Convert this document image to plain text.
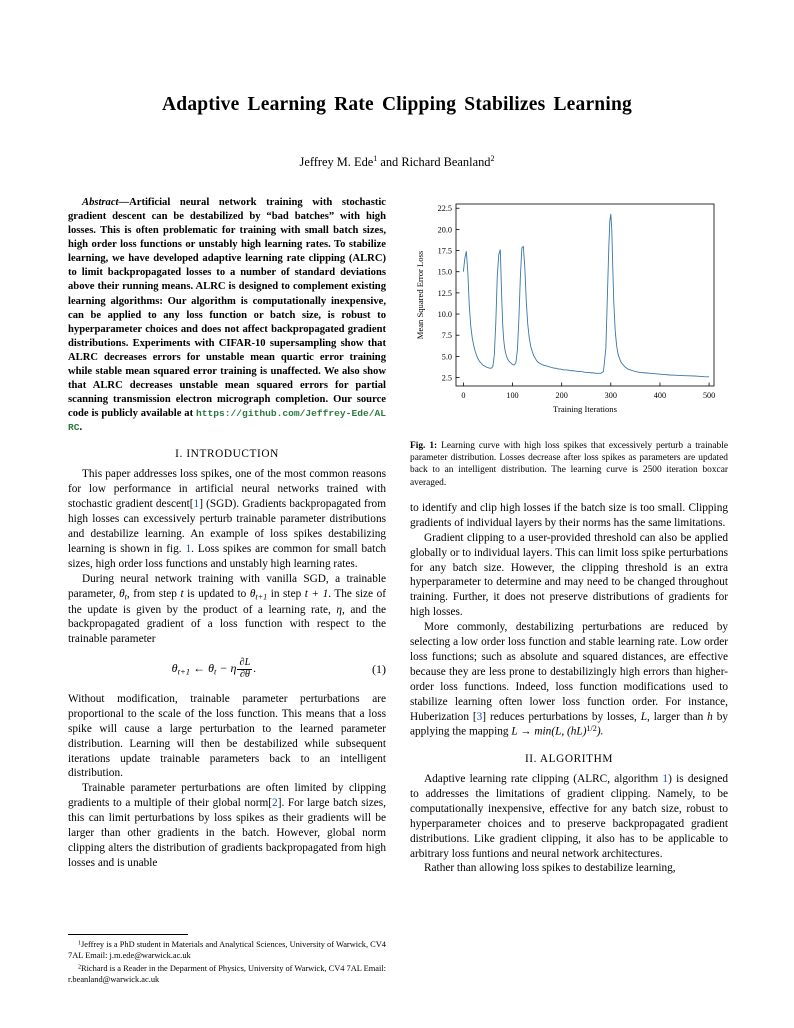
Adaptive Learning Rate Clipping Stabilizes Learning
Jeffrey M. Ede$^1$ and Richard Beanland$^2$

Abstract—Artificial neural network training with stochastic gradient descent can be destabilized by “bad batches” with high losses. This is often problematic for training with small batch sizes, high order loss functions or unstably high learning rates. To stabilize learning, we have developed adaptive learning rate clipping (ALRC) to limit backpropagated losses to a number of standard deviations above their running means. ALRC is designed to complement existing learning algorithms: Our algorithm is computationally inexpensive, can be applied to any loss function or batch size, is robust to hyperparameter choices and does not affect backpropagated gradient distributions. Experiments with CIFAR-10 supersampling show that ALRC decreases errors for unstable mean quartic error training while stable mean squared error training is unaffected. We also show that ALRC decreases unstable mean squared errors for partial scanning transmission electron micrograph completion. Our source code is publicly available at https://github.com/Jeffrey-Ede/ALRC.

I. INTRODUCTION

This paper addresses loss spikes, one of the most common reasons for low performance in artificial neural networks trained with stochastic gradient descent[1] (SGD). Gradients backpropagated from high losses can excessively perturb trainable parameter distributions and destabilize learning. An example of loss spikes destabilizing learning is shown in fig. 1. Loss spikes are common for small batch sizes, high order loss functions and unstably high learning rates.

During neural network training with vanilla SGD, a trainable parameter, $\theta_t$, from step t is updated to $\theta_{t+1}$ in step t + 1. The size of the update is given by the product of a learning rate, η, and the backpropagated gradient of a loss function with respect to the trainable parameter

$\theta_{t+1}$ ← $\theta_t - \eta \frac{\partial L}{\partial\theta}$ .	(1)

Without modification, trainable parameter perturbations are proportional to the scale of the loss function. This means that a loss spike will cause a large perturbation to the learned parameter distribution. Learning will then be destabilized while subsequent iterations update trainable parameters back to an intelligent distribution.

Trainable parameter perturbations are often limited by clipping gradients to a multiple of their global norm[2]. For large batch sizes, this can limit perturbations by loss spikes as their gradients will be larger than other gradients in the batch. However, global norm clipping alters the distribution of gradients backpropagated from high losses and is unable

2.5
5.0
7.5
10.0
12.5
15.0
17.5
20.0
22.5
0	100	200	300	400	500
Training Iterations
Mean Squared Error Loss
Fig. 1: Learning curve with high loss spikes that excessively perturb a trainable parameter distribution. Losses decrease after loss spikes as parameters are updated back to an intelligent distribution. The learning curve is 2500 iteration boxcar averaged.

to identify and clip high losses if the batch size is too small. Clipping gradients of individual layers by their norms has the same limitations.

Gradient clipping to a user-provided threshold can also be applied globally or to individual layers. This can limit loss spike perturbations for any batch size. However, the clipping threshold is an extra hyperparameter to determine and may need to be changed throughout training. Further, it does not preserve distributions of gradients for high losses.

More commonly, destabilizing perturbations are reduced by selecting a low order loss function and stable learning rate. Low order loss functions; such as absolute and squared distances, are effective because they are less prone to destabilizingly high errors than higher-order loss functions. Indeed, loss function modifications used to stabilize learning often lower loss function order. For instance, Huberization [3] reduces perturbations by losses, L, larger than h by applying the mapping L → min(L, (hL)$^{1/2}$).

II. ALGORITHM

Adaptive learning rate clipping (ALRC, algorithm 1) is designed to addresses the limitations of gradient clipping. Namely, to be computationally inexpensive, effective for any batch size, robust to hyperparameter choices and to preserve backpropagated gradient distributions. Like gradient clipping, it also has to be applicable to arbitrary loss funtions and neural network architectures.

Rather than allowing loss spikes to destabilize learning,

$^1$Jeffrey is a PhD student in Materials and Analytical Sciences, University of Warwick, CV4 7AL Email: j.m.ede@warwick.ac.uk

$^2$Richard is a Reader in the Deparment of Physics, University of Warwick, CV4 7AL Email: r.beanland@warwick.ac.uk
